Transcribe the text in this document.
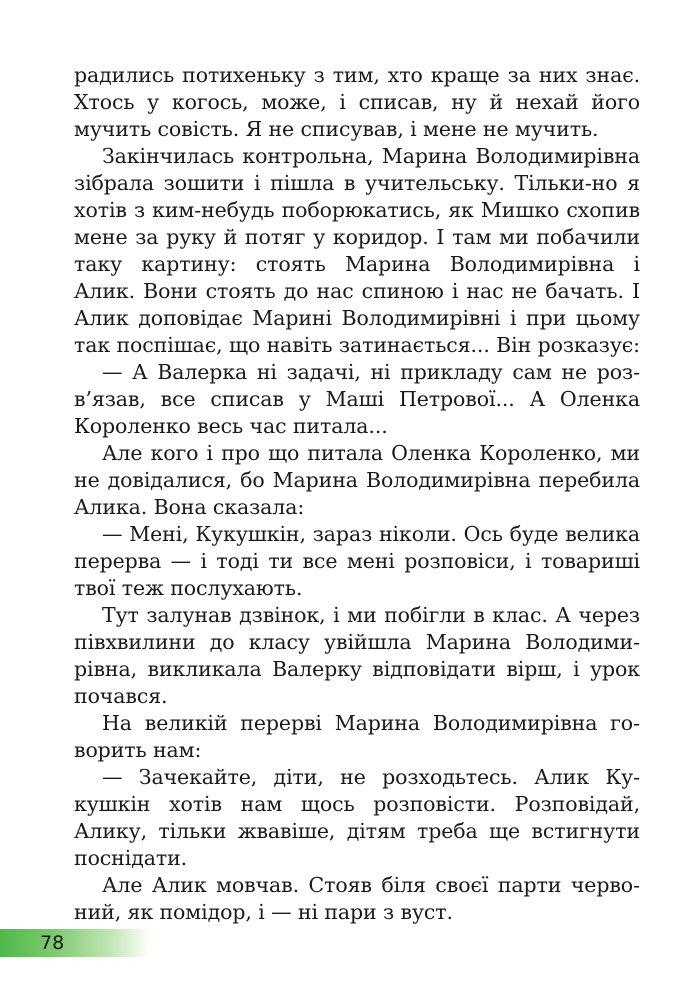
радились потихеньку з тим, хто краще за них знає. Хтось у когось, може, і списав, ну й нехай його мучить совість. Я не списував, і мене не мучить.

Закінчилась контрольна, Марина Володимирівна зібрала зошити і пішла в учительську. Тільки-но я хотів з ким-небудь поборюкатись, як Мишко схопив мене за руку й потяг у коридор. І там ми побачили таку картину: стоять Марина Володимирівна і Алик. Вони стоять до нас спиною і нас не бачать. І Алик доповідає Марині Володимирівні і при цьому так поспішає, що навіть затинається... Він розказує:

— А Валерка ні задачі, ні прикладу сам не розв’язав, все списав у Маші Петрової... А Оленка Короленко весь час питала...

Але кого і про що питала Оленка Короленко, ми не довідалися, бо Марина Володимирівна перебила Алика. Вона сказала:

— Мені, Кукушкін, зараз ніколи. Ось буде велика перерва — і тоді ти все мені розповіси, і товариші твої теж послухають.

Тут залунав дзвінок, і ми побігли в клас. А через півхвилини до класу увійшла Марина Володимирівна, викликала Валерку відповідати вірш, і урок почався.

На великій перерві Марина Володимирівна говорить нам:

— Зачекайте, діти, не розходьтесь. Алик Кукушкін хотів нам щось розповісти. Розповідай, Алику, тільки жвавіше, дітям треба ще встигнути поснідати.

Але Алик мовчав. Стояв біля своєї парти червоний, як помідор, і — ні пари з вуст.

78
